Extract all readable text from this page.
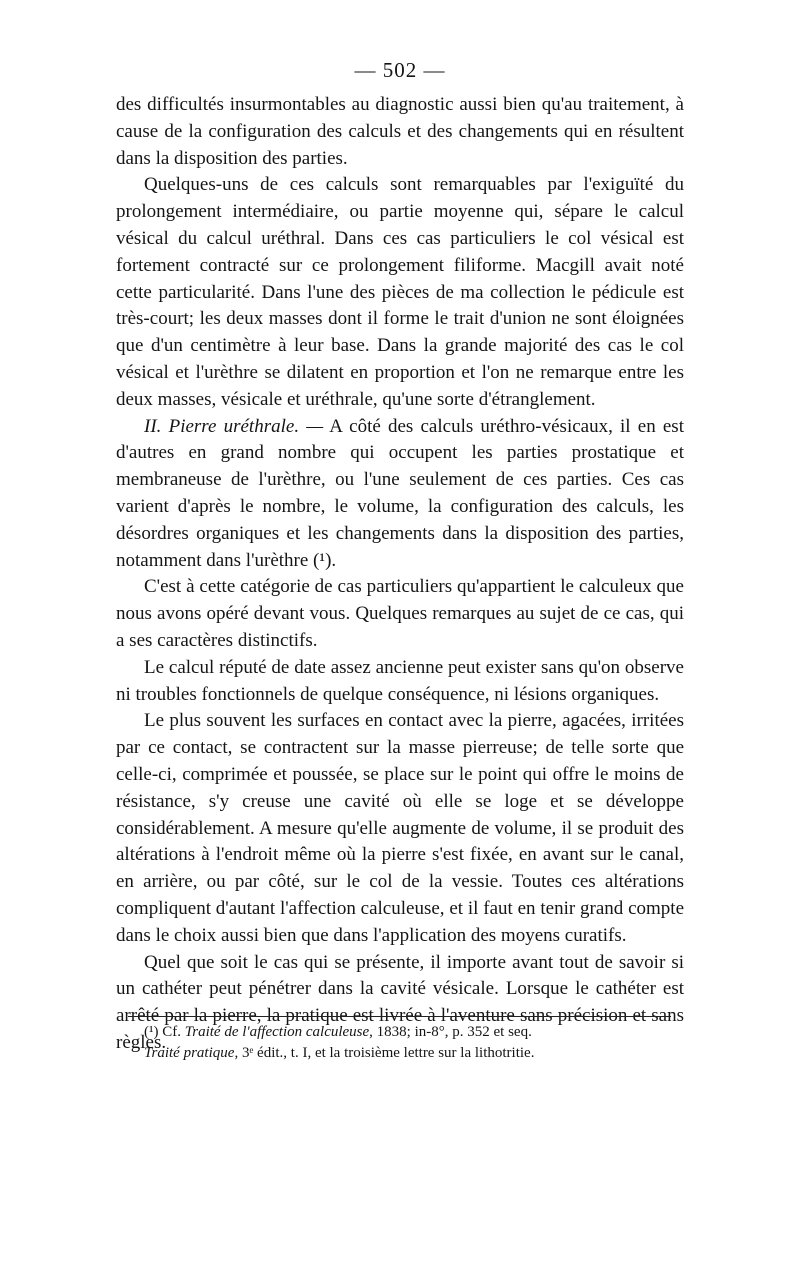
— 502 —

des difficultés insurmontables au diagnostic aussi bien qu'au traitement, à cause de la configuration des calculs et des changements qui en résultent dans la disposition des parties.

Quelques-uns de ces calculs sont remarquables par l'exiguïté du prolongement intermédiaire, ou partie moyenne qui, sépare le calcul vésical du calcul uréthral. Dans ces cas particuliers le col vésical est fortement contracté sur ce prolongement filiforme. Macgill avait noté cette particularité. Dans l'une des pièces de ma collection le pédicule est très-court; les deux masses dont il forme le trait d'union ne sont éloignées que d'un centimètre à leur base. Dans la grande majorité des cas le col vésical et l'urèthre se dilatent en proportion et l'on ne remarque entre les deux masses, vésicale et uréthrale, qu'une sorte d'étranglement.

II. Pierre uréthrale. — A côté des calculs uréthro-vésicaux, il en est d'autres en grand nombre qui occupent les parties prostatique et membraneuse de l'urèthre, ou l'une seulement de ces parties. Ces cas varient d'après le nombre, le volume, la configuration des calculs, les désordres organiques et les changements dans la disposition des parties, notamment dans l'urèthre (¹).

C'est à cette catégorie de cas particuliers qu'appartient le calculeux que nous avons opéré devant vous. Quelques remarques au sujet de ce cas, qui a ses caractères distinctifs.

Le calcul réputé de date assez ancienne peut exister sans qu'on observe ni troubles fonctionnels de quelque conséquence, ni lésions organiques.

Le plus souvent les surfaces en contact avec la pierre, agacées, irritées par ce contact, se contractent sur la masse pierreuse; de telle sorte que celle-ci, comprimée et poussée, se place sur le point qui offre le moins de résistance, s'y creuse une cavité où elle se loge et se développe considérablement. A mesure qu'elle augmente de volume, il se produit des altérations à l'endroit même où la pierre s'est fixée, en avant sur le canal, en arrière, ou par côté, sur le col de la vessie. Toutes ces altérations compliquent d'autant l'affection calculeuse, et il faut en tenir grand compte dans le choix aussi bien que dans l'application des moyens curatifs.

Quel que soit le cas qui se présente, il importe avant tout de savoir si un cathéter peut pénétrer dans la cavité vésicale. Lorsque le cathéter est arrêté par la pierre, la pratique est livrée à l'aventure sans précision et sans règles.

(¹) Cf. Traité de l'affection calculeuse, 1838; in-8°, p. 352 et seq.

Traité pratique, 3ᵉ édit., t. I, et la troisième lettre sur la lithotritie.
